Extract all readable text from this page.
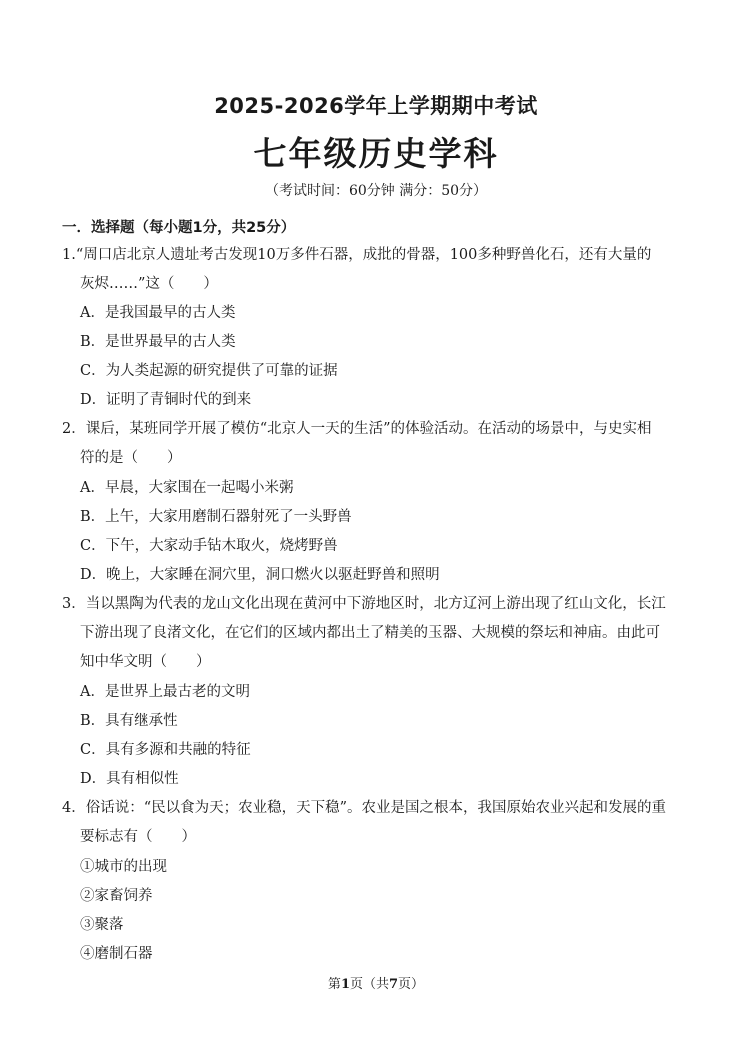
2025-2026学年上学期期中考试
七年级历史学科
（考试时间：60分钟 满分：50分）
一．选择题（每小题1分，共25分）
1.“周口店北京人遗址考古发现10万多件石器，成批的骨器，100多种野兽化石，还有大量的
灰烬……”这（　　）
A．是我国最早的古人类
B．是世界最早的古人类
C．为人类起源的研究提供了可靠的证据
D．证明了青铜时代的到来
2．课后，某班同学开展了模仿“北京人一天的生活”的体验活动。在活动的场景中，与史实相
符的是（　　）
A．早晨，大家围在一起喝小米粥
B．上午，大家用磨制石器射死了一头野兽
C．下午，大家动手钻木取火，烧烤野兽
D．晚上，大家睡在洞穴里，洞口燃火以驱赶野兽和照明
3．当以黑陶为代表的龙山文化出现在黄河中下游地区时，北方辽河上游出现了红山文化，长江
下游出现了良渚文化，在它们的区域内都出土了精美的玉器、大规模的祭坛和神庙。由此可
知中华文明（　　）
A．是世界上最古老的文明
B．具有继承性
C．具有多源和共融的特征
D．具有相似性
4．俗话说：“民以食为天；农业稳，天下稳”。农业是国之根本，我国原始农业兴起和发展的重
要标志有（　　）
①城市的出现
②家畜饲养
③聚落
④磨制石器
第1页（共7页）
